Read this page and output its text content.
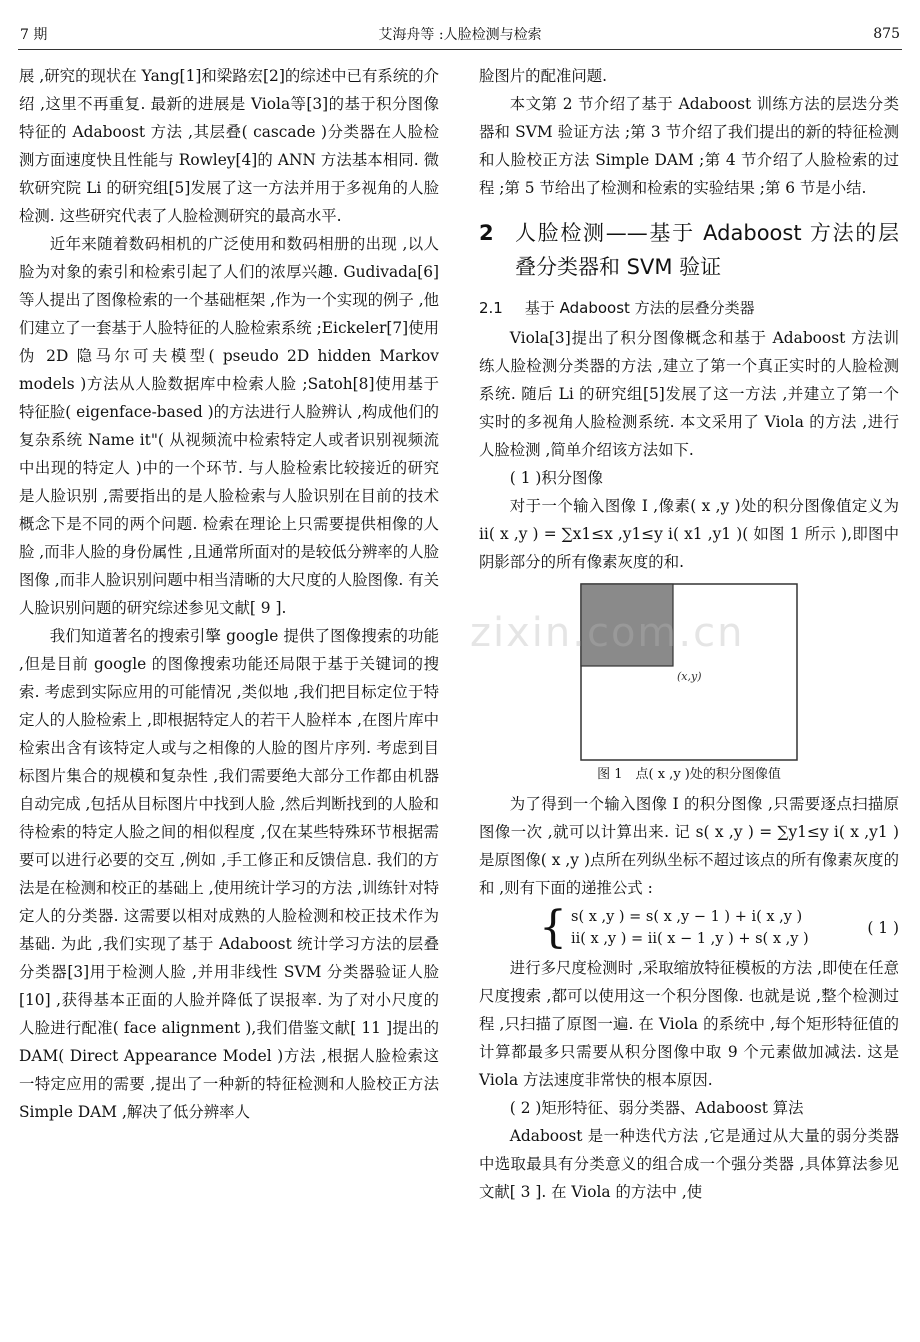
7 期	艾海舟等 :人脸检测与检索	875

展 ,研究的现状在 Yang[1]和梁路宏[2]的综述中已有系统的介绍 ,这里不再重复. 最新的进展是 Viola等[3]的基于积分图像特征的 Adaboost 方法 ,其层叠( cascade )分类器在人脸检测方面速度快且性能与 Rowley[4]的 ANN 方法基本相同. 微软研究院 Li 的研究组[5]发展了这一方法并用于多视角的人脸检测. 这些研究代表了人脸检测研究的最高水平.

近年来随着数码相机的广泛使用和数码相册的出现 ,以人脸为对象的索引和检索引起了人们的浓厚兴趣. Gudivada[6]等人提出了图像检索的一个基础框架 ,作为一个实现的例子 ,他们建立了一套基于人脸特征的人脸检索系统 ;Eickeler[7]使用伪 2D 隐马尔可夫模型( pseudo 2D hidden Markov models )方法从人脸数据库中检索人脸 ;Satoh[8]使用基于特征脸( eigenface-based )的方法进行人脸辨认 ,构成他们的复杂系统 Name it"( 从视频流中检索特定人或者识别视频流中出现的特定人 )中的一个环节. 与人脸检索比较接近的研究是人脸识别 ,需要指出的是人脸检索与人脸识别在目前的技术概念下是不同的两个问题. 检索在理论上只需要提供相像的人脸 ,而非人脸的身份属性 ,且通常所面对的是较低分辨率的人脸图像 ,而非人脸识别问题中相当清晰的大尺度的人脸图像. 有关人脸识别问题的研究综述参见文献[ 9 ].

我们知道著名的搜索引擎 google 提供了图像搜索的功能 ,但是目前 google 的图像搜索功能还局限于基于关键词的搜索. 考虑到实际应用的可能情况 ,类似地 ,我们把目标定位于特定人的人脸检索上 ,即根据特定人的若干人脸样本 ,在图片库中检索出含有该特定人或与之相像的人脸的图片序列. 考虑到目标图片集合的规模和复杂性 ,我们需要绝大部分工作都由机器自动完成 ,包括从目标图片中找到人脸 ,然后判断找到的人脸和待检索的特定人脸之间的相似程度 ,仅在某些特殊环节根据需要可以进行必要的交互 ,例如 ,手工修正和反馈信息. 我们的方法是在检测和校正的基础上 ,使用统计学习的方法 ,训练针对特定人的分类器. 这需要以相对成熟的人脸检测和校正技术作为基础. 为此 ,我们实现了基于 Adaboost 统计学习方法的层叠分类器[3]用于检测人脸 ,并用非线性 SVM 分类器验证人脸[10] ,获得基本正面的人脸并降低了误报率. 为了对小尺度的人脸进行配准( face alignment ),我们借鉴文献[ 11 ]提出的 DAM( Direct Appearance Model )方法 ,根据人脸检索这一特定应用的需要 ,提出了一种新的特征检测和人脸校正方法 Simple DAM ,解决了低分辨率人

脸图片的配准问题.

本文第 2 节介绍了基于 Adaboost 训练方法的层迭分类器和 SVM 验证方法 ;第 3 节介绍了我们提出的新的特征检测和人脸校正方法 Simple DAM ;第 4 节介绍了人脸检索的过程 ;第 5 节给出了检测和检索的实验结果 ;第 6 节是小结.

2	人脸检测——基于 Adaboost 方法的层叠分类器和 SVM 验证
2.1 基于 Adaboost 方法的层叠分类器

Viola[3]提出了积分图像概念和基于 Adaboost 方法训练人脸检测分类器的方法 ,建立了第一个真正实时的人脸检测系统. 随后 Li 的研究组[5]发展了这一方法 ,并建立了第一个实时的多视角人脸检测系统. 本文采用了 Viola 的方法 ,进行人脸检测 ,简单介绍该方法如下.

( 1 )积分图像

对于一个输入图像 I ,像素( x ,y )处的积分图像值定义为 ii( x ,y ) = ∑x1≤x ,y1≤y i( x1 ,y1 )( 如图 1 所示 ),即图中阴影部分的所有像素灰度的和.

(x,y)
图 1　点( x ,y )处的积分图像值

为了得到一个输入图像 I 的积分图像 ,只需要逐点扫描原图像一次 ,就可以计算出来. 记 s( x ,y ) = ∑y1≤y i( x ,y1 )是原图像( x ,y )点所在列纵坐标不超过该点的所有像素灰度的和 ,则有下面的递推公式 :

{ s( x ,y ) = s( x ,y − 1 ) + i( x ,y )
ii( x ,y ) = ii( x − 1 ,y ) + s( x ,y )
( 1 )

进行多尺度检测时 ,采取缩放特征模板的方法 ,即使在任意尺度搜索 ,都可以使用这一个积分图像. 也就是说 ,整个检测过程 ,只扫描了原图一遍. 在 Viola 的系统中 ,每个矩形特征值的计算都最多只需要从积分图像中取 9 个元素做加减法. 这是 Viola 方法速度非常快的根本原因.

( 2 )矩形特征、弱分类器、Adaboost 算法

Adaboost 是一种迭代方法 ,它是通过从大量的弱分类器中选取最具有分类意义的组合成一个强分类器 ,具体算法参见文献[ 3 ]. 在 Viola 的方法中 ,使

zixin.com.cn
